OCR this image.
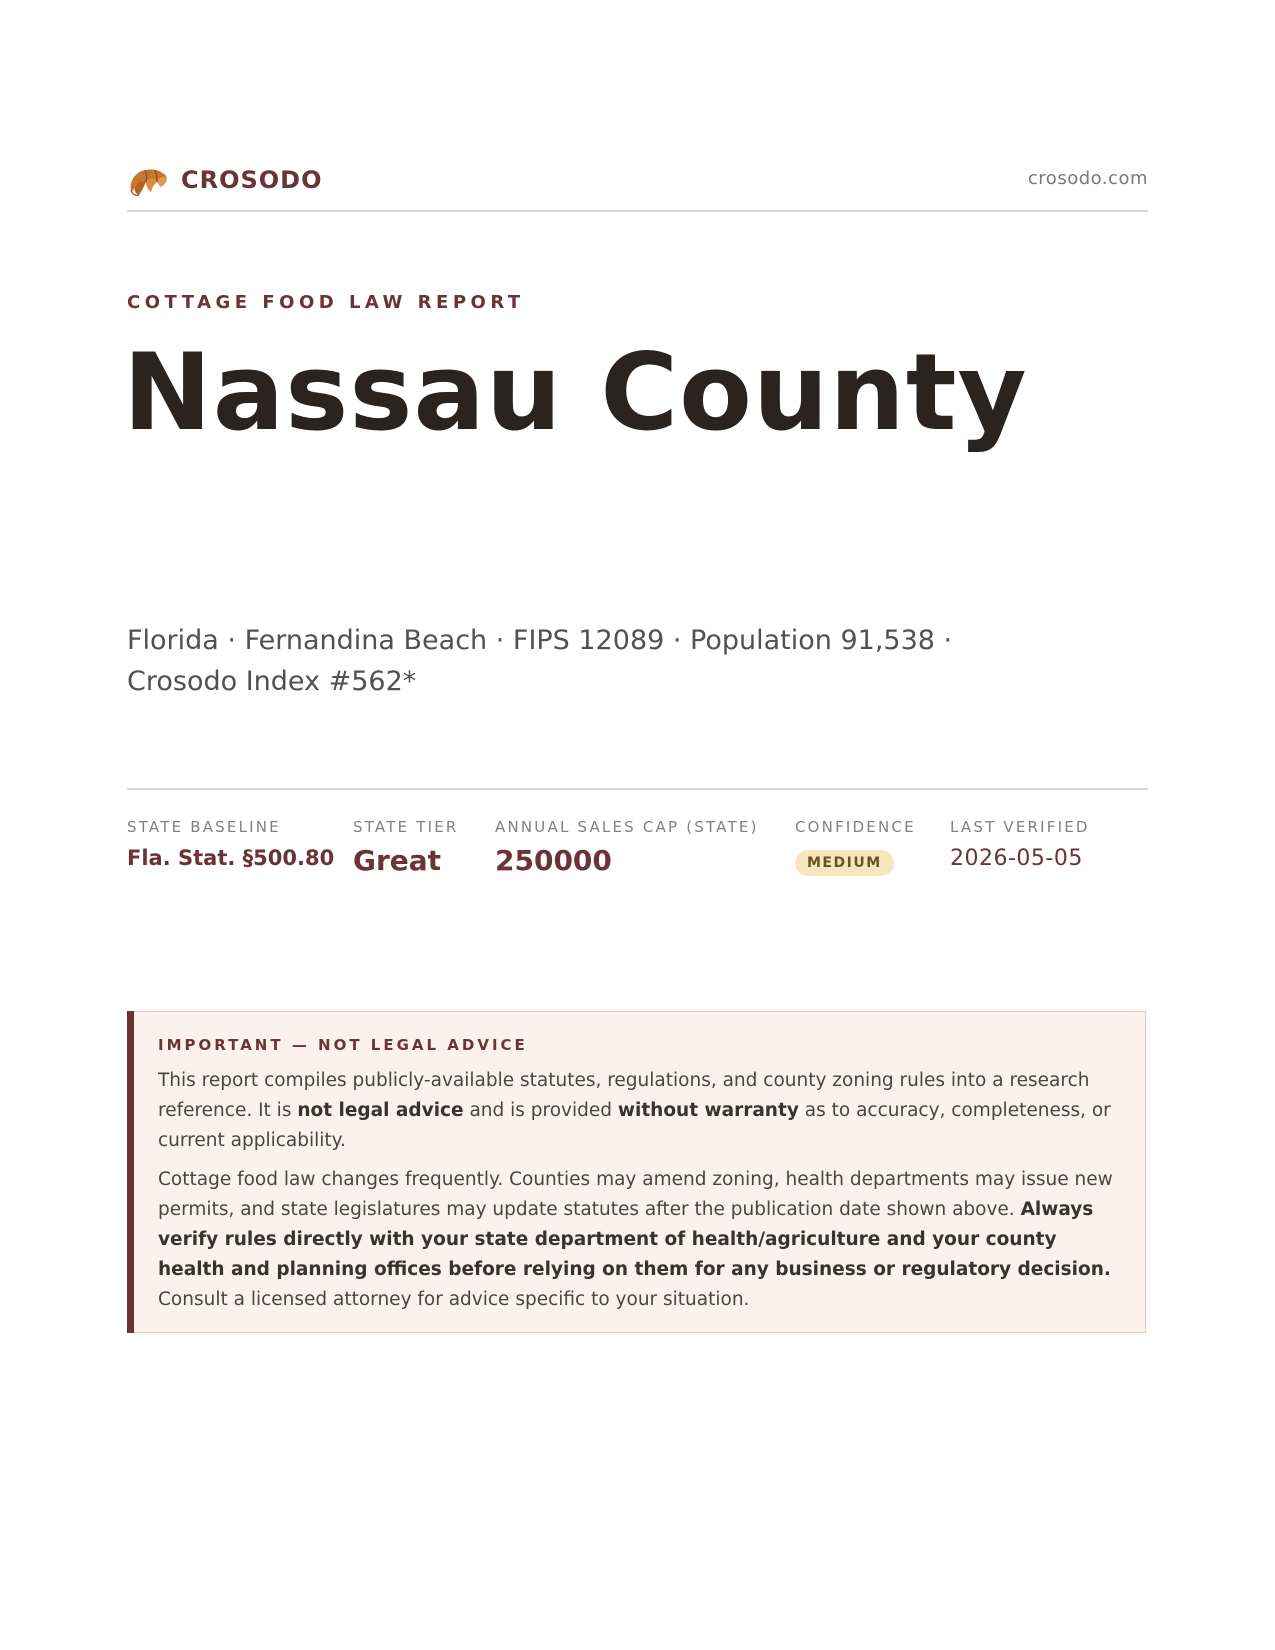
CROSODO	crosodo.com
COTTAGE FOOD LAW REPORT
Nassau County
Florida · Fernandina Beach · FIPS 12089 · Population 91,538 ·
Crosodo Index #562*
STATE BASELINE
Fla. Stat. §500.80
STATE TIER
Great
ANNUAL SALES CAP (STATE)
250000
CONFIDENCE
MEDIUM
LAST VERIFIED
2026-05-05
IMPORTANT — NOT LEGAL ADVICE

This report compiles publicly-available statutes, regulations, and county zoning rules into a research reference. It is not legal advice and is provided without warranty as to accuracy, completeness, or current applicability.

Cottage food law changes frequently. Counties may amend zoning, health departments may issue new permits, and state legislatures may update statutes after the publication date shown above. Always verify rules directly with your state department of health/agriculture and your county health and planning offices before relying on them for any business or regulatory decision. Consult a licensed attorney for advice specific to your situation.
